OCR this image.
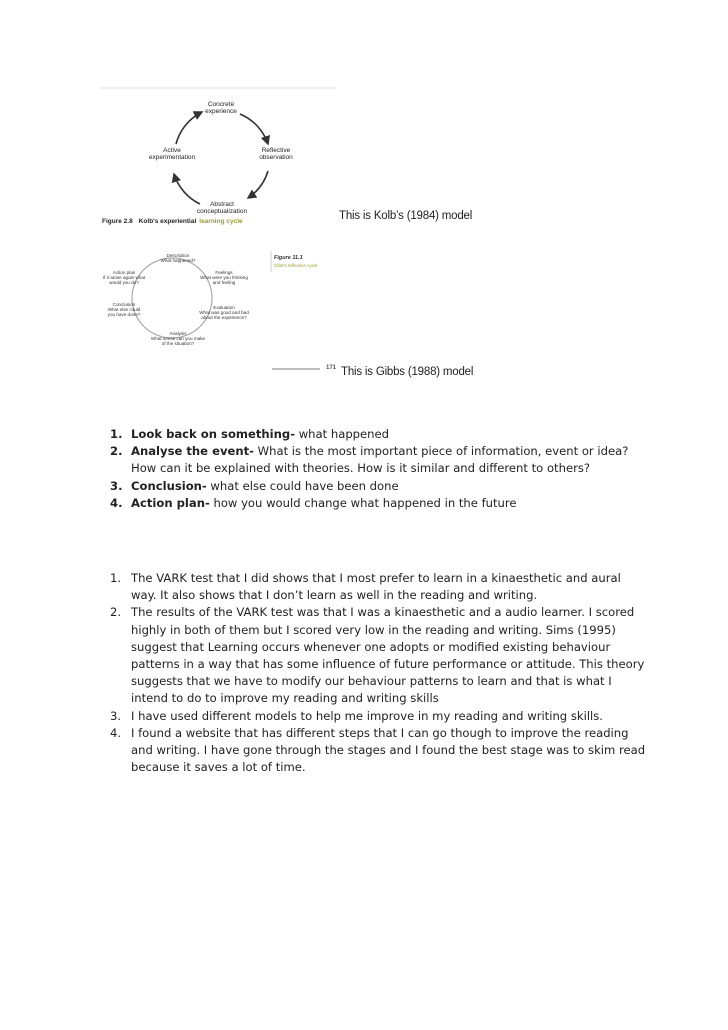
Concrete experience
Reflective observation
Abstract conceptualization
Active experimentation
Figure 2.8 Kolb's experiential learning cycle	This is Kolb’s (1984) model
Description What happened?
Feelings What were you thinking and feeling
Evaluation What was good and bad about the experience?
Analysis What sense can you make of the situation?
Conclusion What else could you have done?
Action plan If it arose again what would you do?
Figure 11.1
Gibb's reflective cycle
171 This is Gibbs (1988) model
1. Look back on something- what happened
2. Analyse the event- What is the most important piece of information, event or idea? How can it be explained with theories. How is it similar and different to others?
3. Conclusion- what else could have been done
4. Action plan- how you would change what happened in the future
1. The VARK test that I did shows that I most prefer to learn in a kinaesthetic and aural way. It also shows that I don’t learn as well in the reading and writing.
2. The results of the VARK test was that I was a kinaesthetic and a audio learner. I scored highly in both of them but I scored very low in the reading and writing. Sims (1995) suggest that Learning occurs whenever one adopts or modified existing behaviour patterns in a way that has some influence of future performance or attitude. This theory suggests that we have to modify our behaviour patterns to learn and that is what I intend to do to improve my reading and writing skills
3. I have used different models to help me improve in my reading and writing skills.
4. I found a website that has different steps that I can go though to improve the reading and writing. I have gone through the stages and I found the best stage was to skim read because it saves a lot of time.
